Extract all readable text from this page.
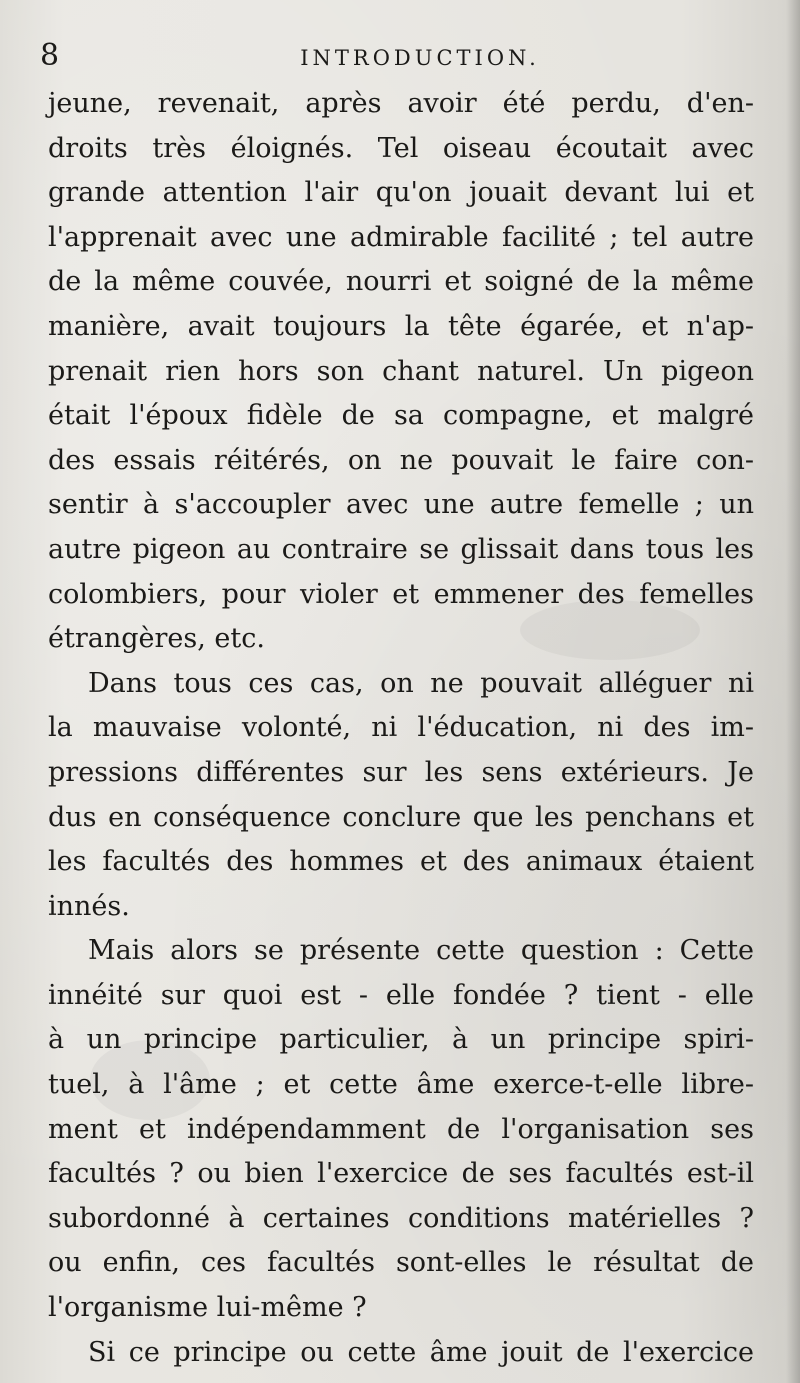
8	INTRODUCTION.
jeune, revenait, après avoir été perdu, d'en-
droits très éloignés. Tel oiseau écoutait avec
grande attention l'air qu'on jouait devant lui et
l'apprenait avec une admirable facilité ; tel autre
de la même couvée, nourri et soigné de la même
manière, avait toujours la tête égarée, et n'ap-
prenait rien hors son chant naturel. Un pigeon
était l'époux fidèle de sa compagne, et malgré
des essais réitérés, on ne pouvait le faire con-
sentir à s'accoupler avec une autre femelle ; un
autre pigeon au contraire se glissait dans tous les
colombiers, pour violer et emmener des femelles
étrangères, etc.
Dans tous ces cas, on ne pouvait alléguer ni
la mauvaise volonté, ni l'éducation, ni des im-
pressions différentes sur les sens extérieurs. Je
dus en conséquence conclure que les penchans et
les facultés des hommes et des animaux étaient
innés.
Mais alors se présente cette question : Cette
innéité sur quoi est - elle fondée ? tient - elle
à un principe particulier, à un principe spiri-
tuel, à l'âme ; et cette âme exerce-t-elle libre-
ment et indépendamment de l'organisation ses
facultés ? ou bien l'exercice de ses facultés est-il
subordonné à certaines conditions matérielles ?
ou enfin, ces facultés sont-elles le résultat de
l'organisme lui-même ?
Si ce principe ou cette âme jouit de l'exercice
